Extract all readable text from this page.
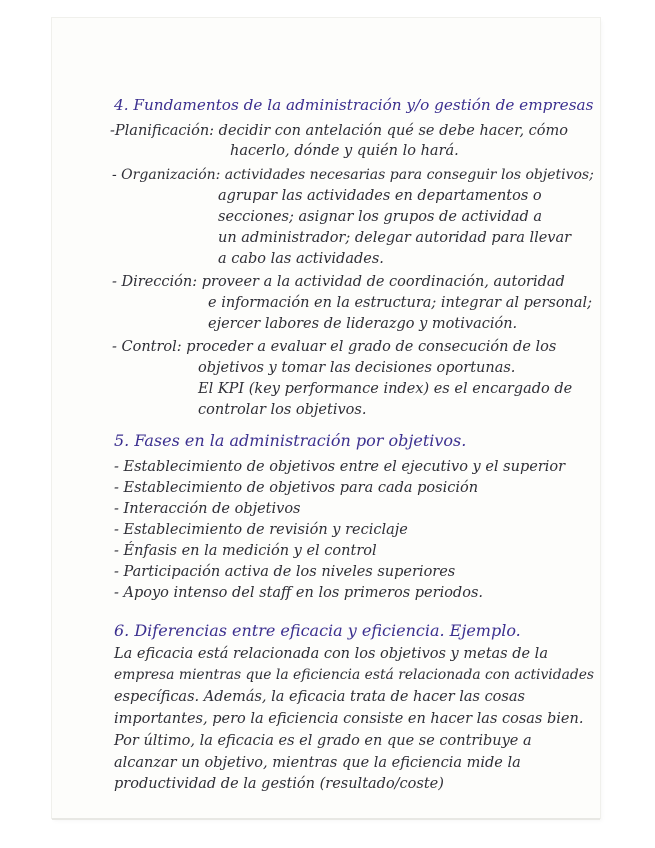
4. Fundamentos de la administración y/o gestión de empresas
-Planificación: decidir con antelación qué se debe hacer, cómo
hacerlo, dónde y quién lo hará.
- Organización: actividades necesarias para conseguir los objetivos;
agrupar las actividades en departamentos o
secciones; asignar los grupos de actividad a
un administrador; delegar autoridad para llevar
a cabo las actividades.
- Dirección: proveer a la actividad de coordinación, autoridad
e información en la estructura; integrar al personal;
ejercer labores de liderazgo y motivación.
- Control: proceder a evaluar el grado de consecución de los
objetivos y tomar las decisiones oportunas.
El KPI (key performance index) es el encargado de
controlar los objetivos.
5. Fases en la administración por objetivos.
- Establecimiento de objetivos entre el ejecutivo y el superior
- Establecimiento de objetivos para cada posición
- Interacción de objetivos
- Establecimiento de revisión y reciclaje
- Énfasis en la medición y el control
- Participación activa de los niveles superiores
- Apoyo intenso del staff en los primeros periodos.
6. Diferencias entre eficacia y eficiencia. Ejemplo.
La eficacia está relacionada con los objetivos y metas de la
empresa mientras que la eficiencia está relacionada con actividades
específicas. Además, la eficacia trata de hacer las cosas
importantes, pero la eficiencia consiste en hacer las cosas bien.
Por último, la eficacia es el grado en que se contribuye a
alcanzar un objetivo, mientras que la eficiencia mide la
productividad de la gestión (resultado/coste)
